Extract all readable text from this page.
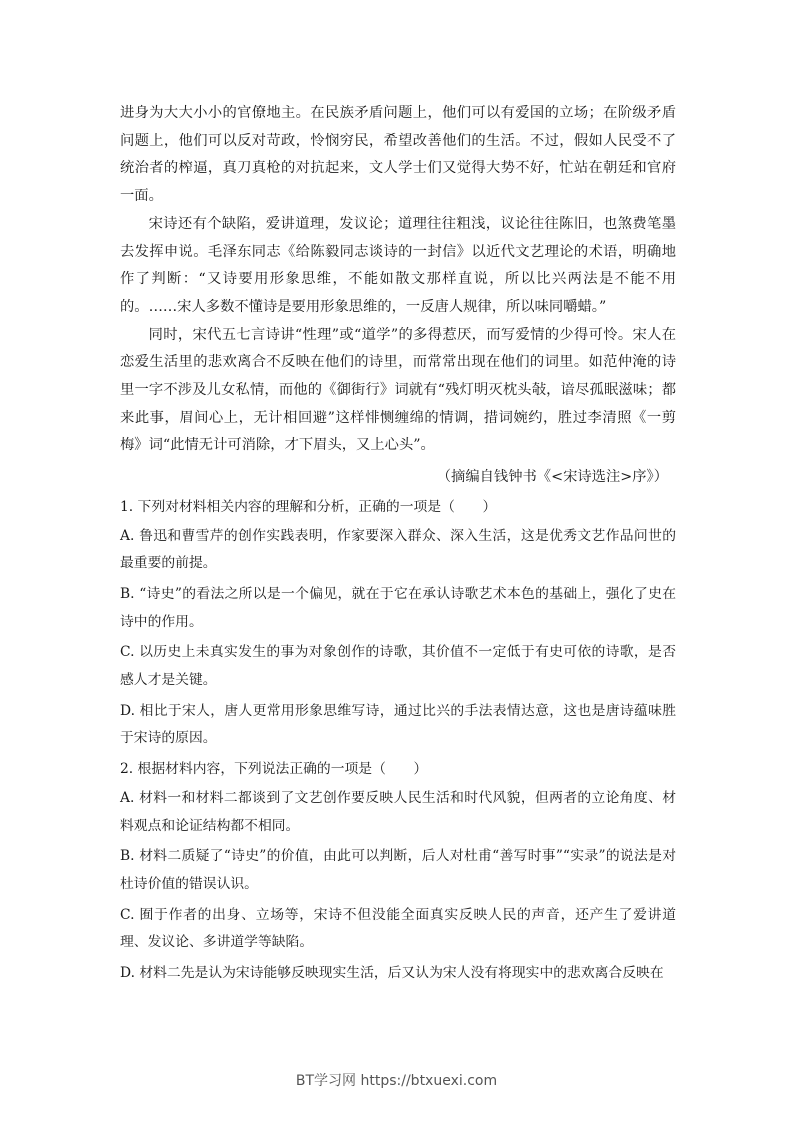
进身为大大小小的官僚地主。在民族矛盾问题上，他们可以有爱国的立场；在阶级矛盾问题上，他们可以反对苛政，怜悯穷民，希望改善他们的生活。不过，假如人民受不了统治者的榨逼，真刀真枪的对抗起来，文人学士们又觉得大势不好，忙站在朝廷和官府一面。

宋诗还有个缺陷，爱讲道理，发议论；道理往往粗浅，议论往往陈旧，也煞费笔墨去发挥申说。毛泽东同志《给陈毅同志谈诗的一封信》以近代文艺理论的术语，明确地作了判断：“又诗要用形象思维，不能如散文那样直说，所以比兴两法是不能不用的。……宋人多数不懂诗是要用形象思维的，一反唐人规律，所以味同嚼蜡。”

同时，宋代五七言诗讲“性理”或“道学”的多得惹厌，而写爱情的少得可怜。宋人在恋爱生活里的悲欢离合不反映在他们的诗里，而常常出现在他们的词里。如范仲淹的诗里一字不涉及儿女私情，而他的《御街行》词就有“残灯明灭枕头敧，谙尽孤眠滋味；都来此事，眉间心上，无计相回避”这样悱恻缠绵的情调，措词婉约，胜过李清照《一剪梅》词“此情无计可消除，才下眉头，又上心头”。

（摘编自钱钟书《<宋诗选注>序》）

1. 下列对材料相关内容的理解和分析，正确的一项是（　　）

A. 鲁迅和曹雪芹的创作实践表明，作家要深入群众、深入生活，这是优秀文艺作品问世的最重要的前提。

B. “诗史”的看法之所以是一个偏见，就在于它在承认诗歌艺术本色的基础上，强化了史在诗中的作用。

C. 以历史上未真实发生的事为对象创作的诗歌，其价值不一定低于有史可依的诗歌，是否感人才是关键。

D. 相比于宋人，唐人更常用形象思维写诗，通过比兴的手法表情达意，这也是唐诗蕴味胜于宋诗的原因。

2. 根据材料内容，下列说法正确的一项是（　　）

A. 材料一和材料二都谈到了文艺创作要反映人民生活和时代风貌，但两者的立论角度、材料观点和论证结构都不相同。

B. 材料二质疑了“诗史”的价值，由此可以判断，后人对杜甫“善写时事”“实录”的说法是对杜诗价值的错误认识。

C. 囿于作者的出身、立场等，宋诗不但没能全面真实反映人民的声音，还产生了爱讲道理、发议论、多讲道学等缺陷。

D. 材料二先是认为宋诗能够反映现实生活，后又认为宋人没有将现实中的悲欢离合反映在

BT学习网 https://btxuexi.com
